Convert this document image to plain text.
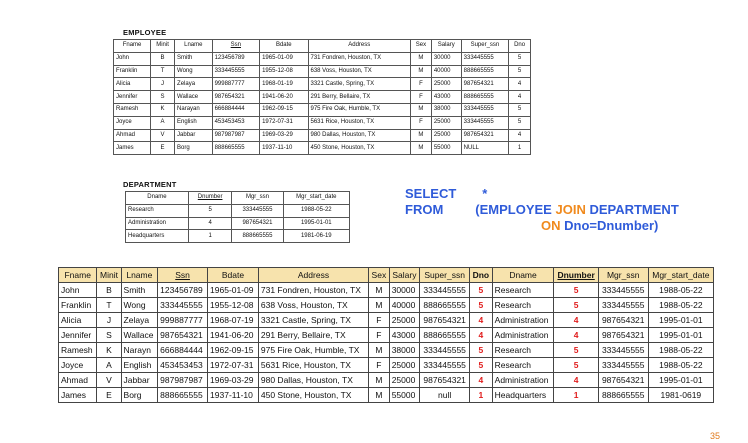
EMPLOYEE
Fname	Minit	Lname	Ssn	Bdate	Address	Sex	Salary	Super_ssn	Dno
John	B	Smith	123456789	1965-01-09	731 Fondren, Houston, TX	M	30000	333445555	5
Franklin	T	Wong	333445555	1955-12-08	638 Voss, Houston, TX	M	40000	888665555	5
Alicia	J	Zelaya	999887777	1968-01-19	3321 Castle, Spring, TX	F	25000	987654321	4
Jennifer	S	Wallace	987654321	1941-06-20	291 Berry, Bellaire, TX	F	43000	888665555	4
Ramesh	K	Narayan	666884444	1962-09-15	975 Fire Oak, Humble, TX	M	38000	333445555	5
Joyce	A	English	453453453	1972-07-31	5631 Rice, Houston, TX	F	25000	333445555	5
Ahmad	V	Jabbar	987987987	1969-03-29	980 Dallas, Houston, TX	M	25000	987654321	4
James	E	Borg	888665555	1937-11-10	450 Stone, Houston, TX	M	55000	NULL	1
DEPARTMENT
Dname	Dnumber	Mgr_ssn	Mgr_start_date
Research	5	333445555	1988-05-22
Administration	4	987654321	1995-01-01
Headquarters	1	888665555	1981-06-19
SELECT *
FROM (EMPLOYEE JOIN DEPARTMENT
ON Dno=Dnumber)
Fname	Minit	Lname	Ssn	Bdate	Address	Sex	Salary	Super_ssn	Dno	Dname	Dnumber	Mgr_ssn	Mgr_start_date
John	B	Smith	123456789	1965-01-09	731 Fondren, Houston, TX	M	30000	333445555	5	Research	5	333445555	1988-05-22
Franklin	T	Wong	333445555	1955-12-08	638 Voss, Houston, TX	M	40000	888665555	5	Research	5	333445555	1988-05-22
Alicia	J	Zelaya	999887777	1968-07-19	3321 Castle, Spring, TX	F	25000	987654321	4	Administration	4	987654321	1995-01-01
Jennifer	S	Wallace	987654321	1941-06-20	291 Berry, Bellaire, TX	F	43000	888665555	4	Administration	4	987654321	1995-01-01
Ramesh	K	Narayn	666884444	1962-09-15	975 Fire Oak, Humble, TX	M	38000	333445555	5	Research	5	333445555	1988-05-22
Joyce	A	English	453453453	1972-07-31	5631 Rice, Houston, TX	F	25000	333445555	5	Research	5	333445555	1988-05-22
Ahmad	V	Jabbar	987987987	1969-03-29	980 Dallas, Houston, TX	M	25000	987654321	4	Administration	4	987654321	1995-01-01
James	E	Borg	888665555	1937-11-10	450 Stone, Houston, TX	M	55000	null	1	Headquarters	1	888665555	1981-0619
35
